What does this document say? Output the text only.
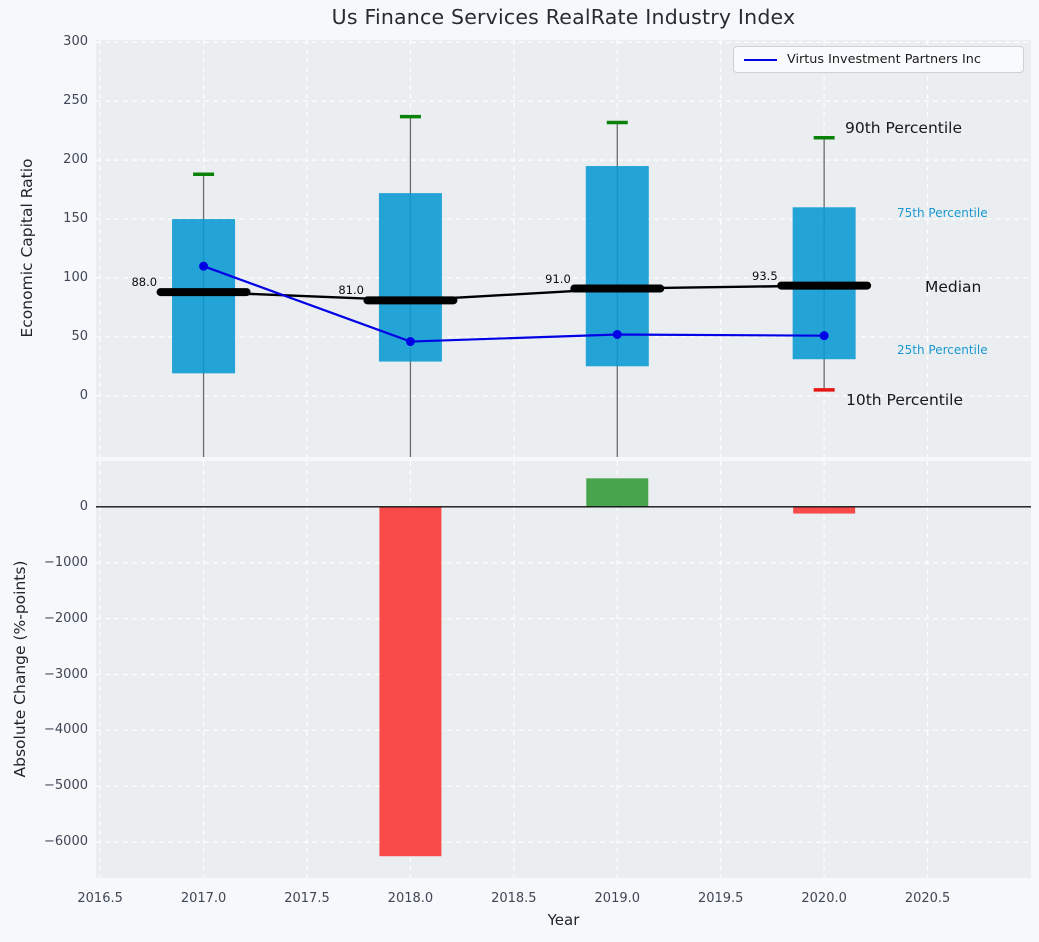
Us Finance Services RealRate Industry Index
Economic Capital Ratio
Absolute Change (%-points)
Year
Virtus Investment Partners Inc
90th Percentile
75th Percentile
Median
25th Percentile
10th Percentile
2016.5	2017.0	2017.5	2018.0	2018.5	2019.0	2019.5	2020.0	2020.5
0
50
100
150
200
250
300
0
−1000
−2000
−3000
−4000
−5000
−6000
88.0
81.0
91.0	93.5
